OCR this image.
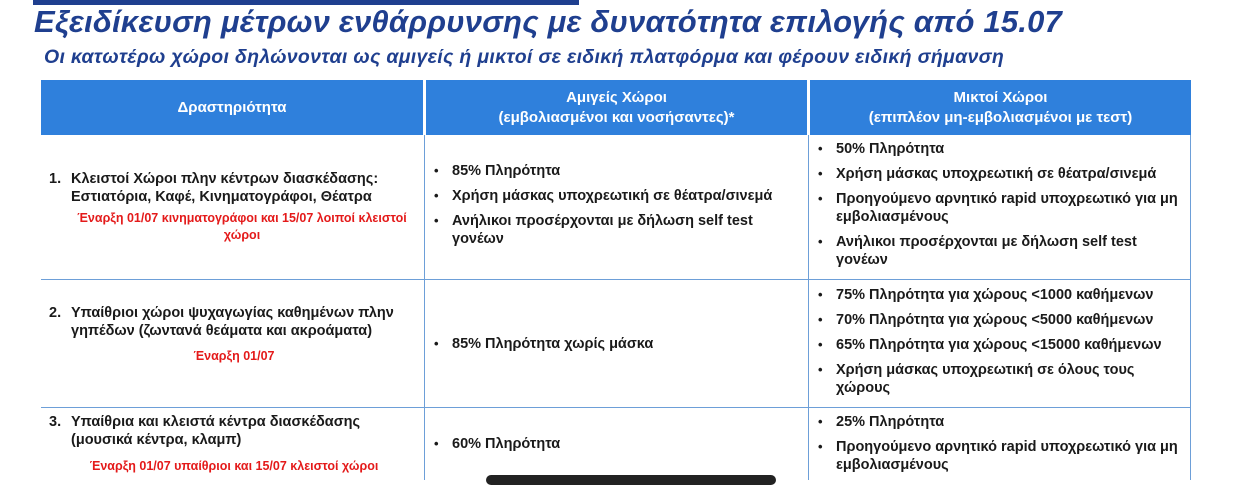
Εξειδίκευση μέτρων ενθάρρυνσης με δυνατότητα επιλογής από 15.07
Οι κατωτέρω χώροι δηλώνονται ως αμιγείς ή μικτοί σε ειδική πλατφόρμα και φέρουν ειδική σήμανση
Δραστηριότητα
Αμιγείς Χώροι
(εμβολιασμένοι και νοσήσαντες)*
Μικτοί Χώροι
(επιπλέον μη-εμβολιασμένοι με τεστ)
1. Κλειστοί Χώροι πλην κέντρων διασκέδασης: Εστιατόρια, Καφέ, Κινηματογράφοι, Θέατρα
Έναρξη 01/07 κινηματογράφοι και 15/07 λοιποί κλειστοί χώροι
• 85% Πληρότητα
• Χρήση μάσκας υποχρεωτική σε θέατρα/σινεμά
• Ανήλικοι προσέρχονται με δήλωση self test γονέων
• 50% Πληρότητα
• Χρήση μάσκας υποχρεωτική σε θέατρα/σινεμά
• Προηγούμενο αρνητικό rapid υποχρεωτικό για μη εμβολιασμένους
• Ανήλικοι προσέρχονται με δήλωση self test γονέων
2. Υπαίθριοι χώροι ψυχαγωγίας καθημένων πλην γηπέδων (ζωντανά θεάματα και ακροάματα)
Έναρξη 01/07
• 85% Πληρότητα χωρίς μάσκα
• 75% Πληρότητα για χώρους <1000 καθήμενων
• 70% Πληρότητα για χώρους <5000 καθήμενων
• 65% Πληρότητα για χώρους <15000 καθήμενων
• Χρήση μάσκας υποχρεωτική σε όλους τους χώρους
3. Υπαίθρια και κλειστά κέντρα διασκέδασης (μουσικά κέντρα, κλαμπ)
Έναρξη 01/07 υπαίθριοι και 15/07 κλειστοί χώροι
• 60% Πληρότητα
• 25% Πληρότητα
• Προηγούμενο αρνητικό rapid υποχρεωτικό για μη εμβολιασμένους
